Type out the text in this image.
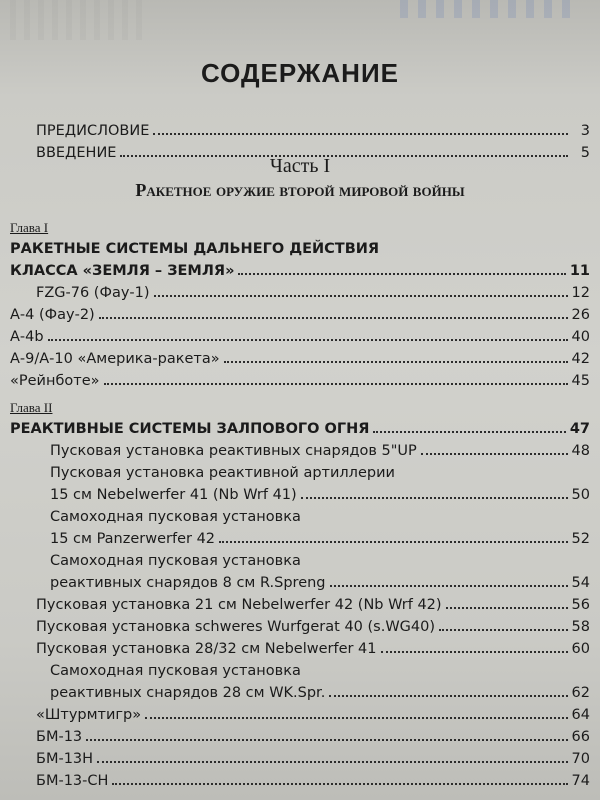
СОДЕРЖАНИЕ
ПРЕДИСЛОВИЕ	3
ВВЕДЕНИЕ	5
Часть I
Ракетное оружие второй мировой войны
Глава I
РАКЕТНЫЕ СИСТЕМЫ ДАЛЬНЕГО ДЕЙСТВИЯ
КЛАССА «ЗЕМЛЯ – ЗЕМЛЯ»	11
FZG-76 (Фау-1)	12
А-4 (Фау-2)	26
А-4b	40
А-9/А-10 «Америка-ракета»	42
«Рейнботе»	45
Глава II
РЕАКТИВНЫЕ СИСТЕМЫ ЗАЛПОВОГО ОГНЯ	47
Пусковая установка реактивных снарядов 5"UP	48
Пусковая установка реактивной артиллерии
15 см Nebelwerfer 41 (Nb Wrf 41)	50
Самоходная пусковая установка
15 см Panzerwerfer 42	52
Самоходная пусковая установка
реактивных снарядов 8 см R.Spreng	54
Пусковая установка 21 см Nebelwerfer 42 (Nb Wrf 42)	56
Пусковая установка schweres Wurfgerat 40 (s.WG40)	58
Пусковая установка 28/32 см Nebelwerfer 41	60
Самоходная пусковая установка
реактивных снарядов 28 см WK.Spr.	62
«Штурмтигр»	64
БМ-13	66
БМ-13Н	70
БМ-13-СН	74
